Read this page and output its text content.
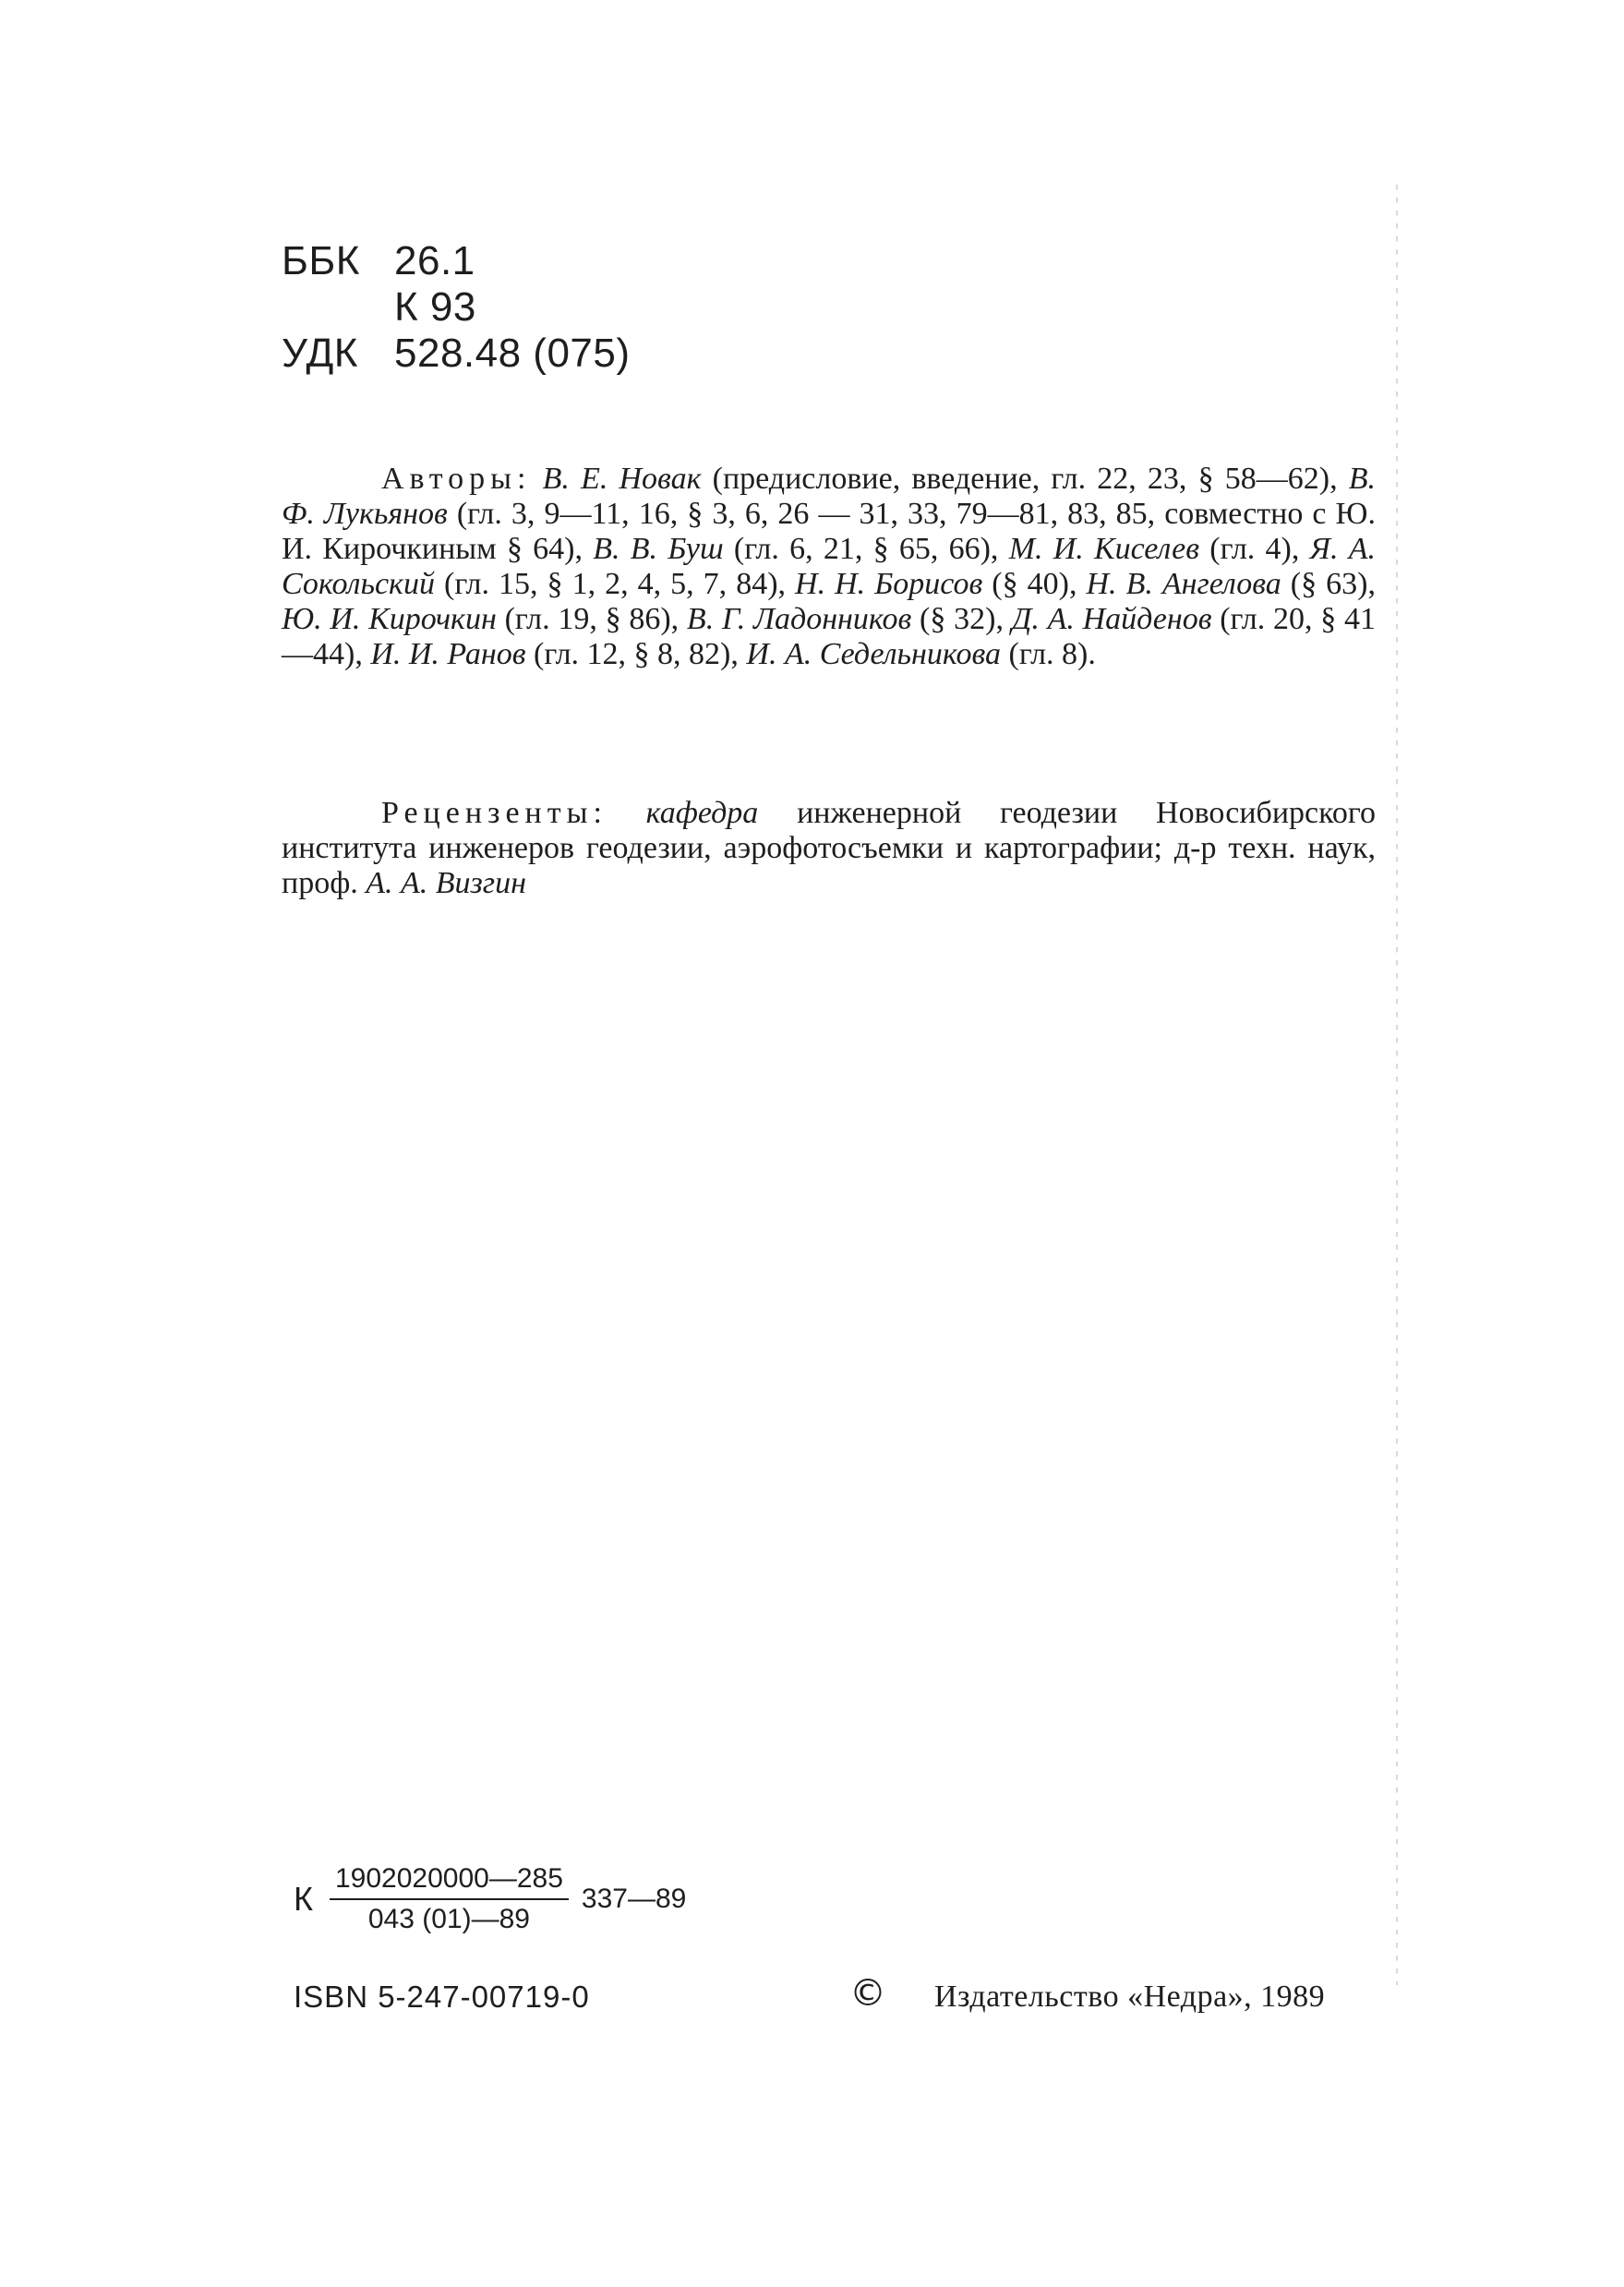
ББК 26.1
К 93
УДК 528.48 (075)

Авторы: В. Е. Новак (предисловие, введение, гл. 22, 23, § 58—62), В. Ф. Лукьянов (гл. 3, 9—11, 16, § 3, 6, 26 — 31, 33, 79—81, 83, 85, совместно с Ю. И. Кирочкиным § 64), В. В. Буш (гл. 6, 21, § 65, 66), М. И. Киселев (гл. 4), Я. А. Сокольский (гл. 15, § 1, 2, 4, 5, 7, 84), Н. Н. Борисов (§ 40), Н. В. Ангелова (§ 63), Ю. И. Кирочкин (гл. 19, § 86), В. Г. Ладонников (§ 32), Д. А. Найденов (гл. 20, § 41—44), И. И. Ранов (гл. 12, § 8, 82), И. А. Седельникова (гл. 8).

Рецензенты: кафедра инженерной геодезии Новосибирского института инженеров геодезии, аэрофотосъемки и картографии; д-р техн. наук, проф. А. А. Визгин

К $\frac{1902020000—285}{043 (01)—89}$ 337—89
ISBN 5-247-00719-0	© Издательство «Недра», 1989
